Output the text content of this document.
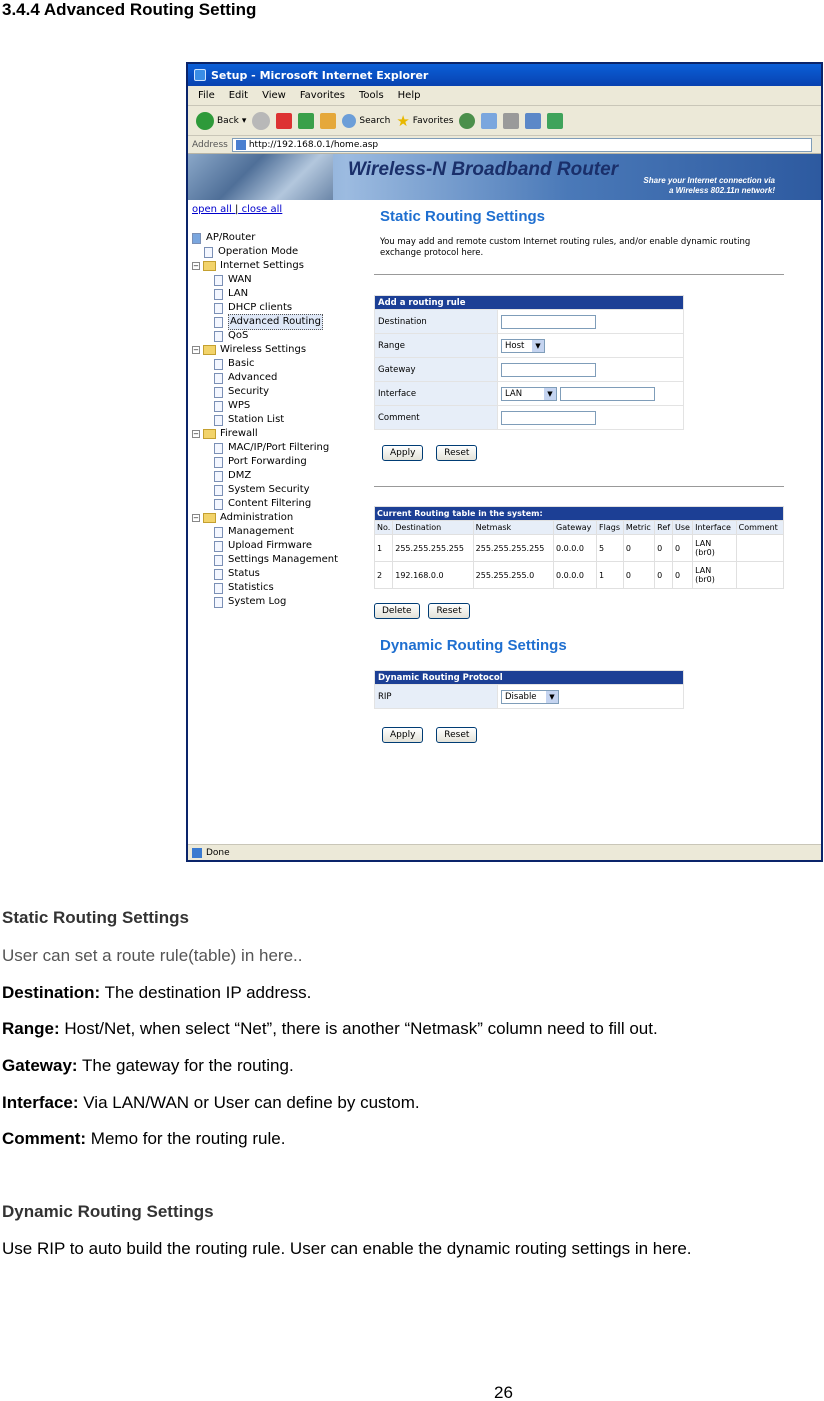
3.4.4 Advanced Routing Setting
Setup - Microsoft Internet Explorer
File Edit View Favorites Tools Help
Back ▾	Search ★ Favorites
Address http://192.168.0.1/home.asp
Wireless-N Broadband Router
Share your Internet connection via
a Wireless 802.11n network!
open all | close all
AP/Router
Operation Mode
− Internet Settings
WAN
LAN
DHCP clients
Advanced Routing
QoS
− Wireless Settings
Basic
Advanced
Security
WPS
Station List
− Firewall
MAC/IP/Port Filtering
Port Forwarding
DMZ
System Security
Content Filtering
− Administration
Management
Upload Firmware
Settings Management
Status
Statistics
System Log
Static Routing Settings
You may add and remote custom Internet routing rules, and/or enable dynamic routing exchange protocol here.
Add a routing rule	
Destination	
Range	Host ▼

Gateway	
Interface	LAN ▼

Comment	
Apply	Reset
Current Routing table in the system:									
No.	Destination	Netmask	Gateway	Flags	Metric	Ref	Use	Interface	Comment
1	255.255.255.255	255.255.255.255	0.0.0.0	5	0	0	0	LAN
(br0)	

2	192.168.0.0	255.255.255.0	0.0.0.0	1	0	0	0	LAN
(br0)	

Delete	Reset
Dynamic Routing Settings
Dynamic Routing Protocol
RIP	Disable	▼
Apply	Reset
Done
Static Routing Settings
User can set a route rule(table) in here..
Destination: The destination IP address.
Range: Host/Net, when select “Net”, there is another “Netmask” column need to fill out.
Gateway: The gateway for the routing.
Interface: Via LAN/WAN or User can define by custom.
Comment: Memo for the routing rule.
Dynamic Routing Settings
Use RIP to auto build the routing rule. User can enable the dynamic routing settings in here.
26
